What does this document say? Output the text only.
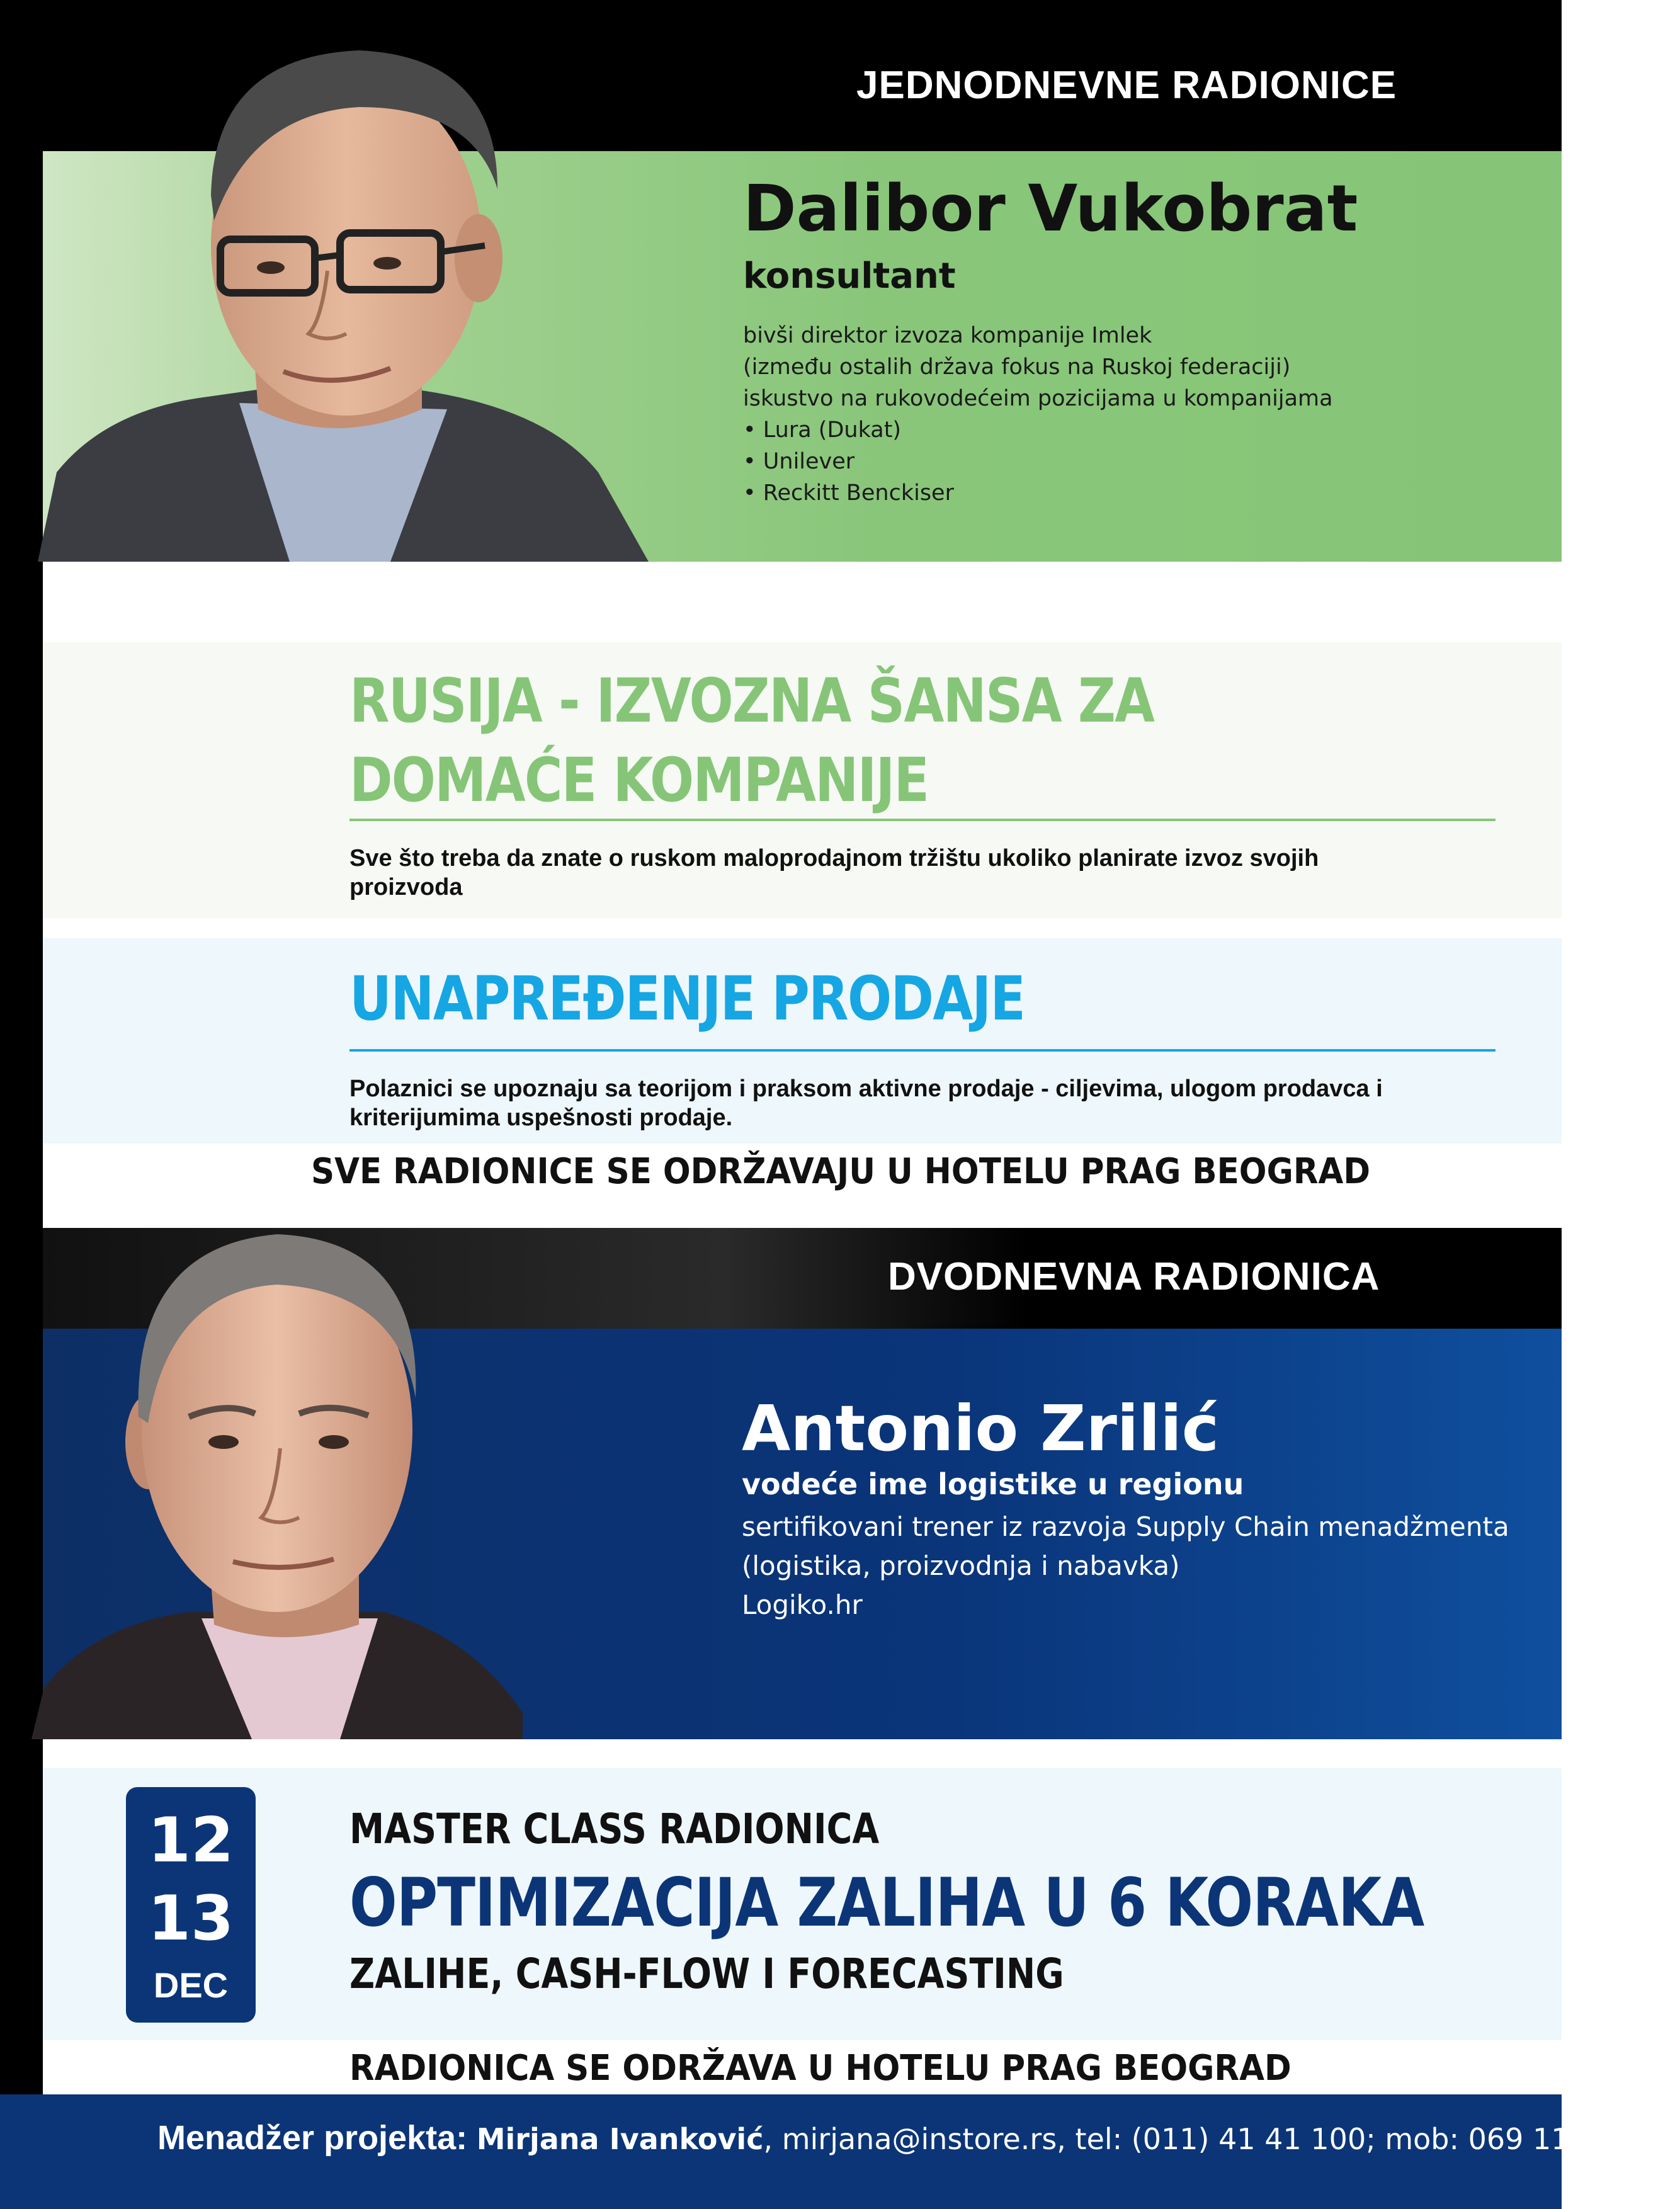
JEDNODNEVNE RADIONICE
Dalibor Vukobrat
konsultant
bivši direktor izvoza kompanije Imlek
(između ostalih država fokus na Ruskoj federaciji)
iskustvo na rukovodećeim pozicijama u kompanijama
• Lura (Dukat)
• Unilever
• Reckitt Benckiser
RUSIJA - IZVOZNA ŠANSA ZA
DOMAĆE KOMPANIJE
Sve što treba da znate o ruskom maloprodajnom tržištu ukoliko planirate izvoz svojih proizvoda
UNAPREĐENJE PRODAJE
Polaznici se upoznaju sa teorijom i praksom aktivne prodaje - ciljevima, ulogom prodavca i kriterijumima uspešnosti prodaje.
SVE RADIONICE SE ODRŽAVAJU U HOTELU PRAG BEOGRAD
DVODNEVNA RADIONICA
Antonio Zrilić
vodeće ime logistike u regionu
sertifikovani trener iz razvoja Supply Chain menadžmenta
(logistika, proizvodnja i nabavka)
Logiko.hr
12
13
DEC
MASTER CLASS RADIONICA
OPTIMIZACIJA ZALIHA U 6 KORAKA
ZALIHE, CASH-FLOW I FORECASTING
RADIONICA SE ODRŽAVA U HOTELU PRAG BEOGRAD
Menadžer projekta: Mirjana Ivanković, mirjana@instore.rs, tel: (011) 41 41 100; mob: 069 11 22 460
